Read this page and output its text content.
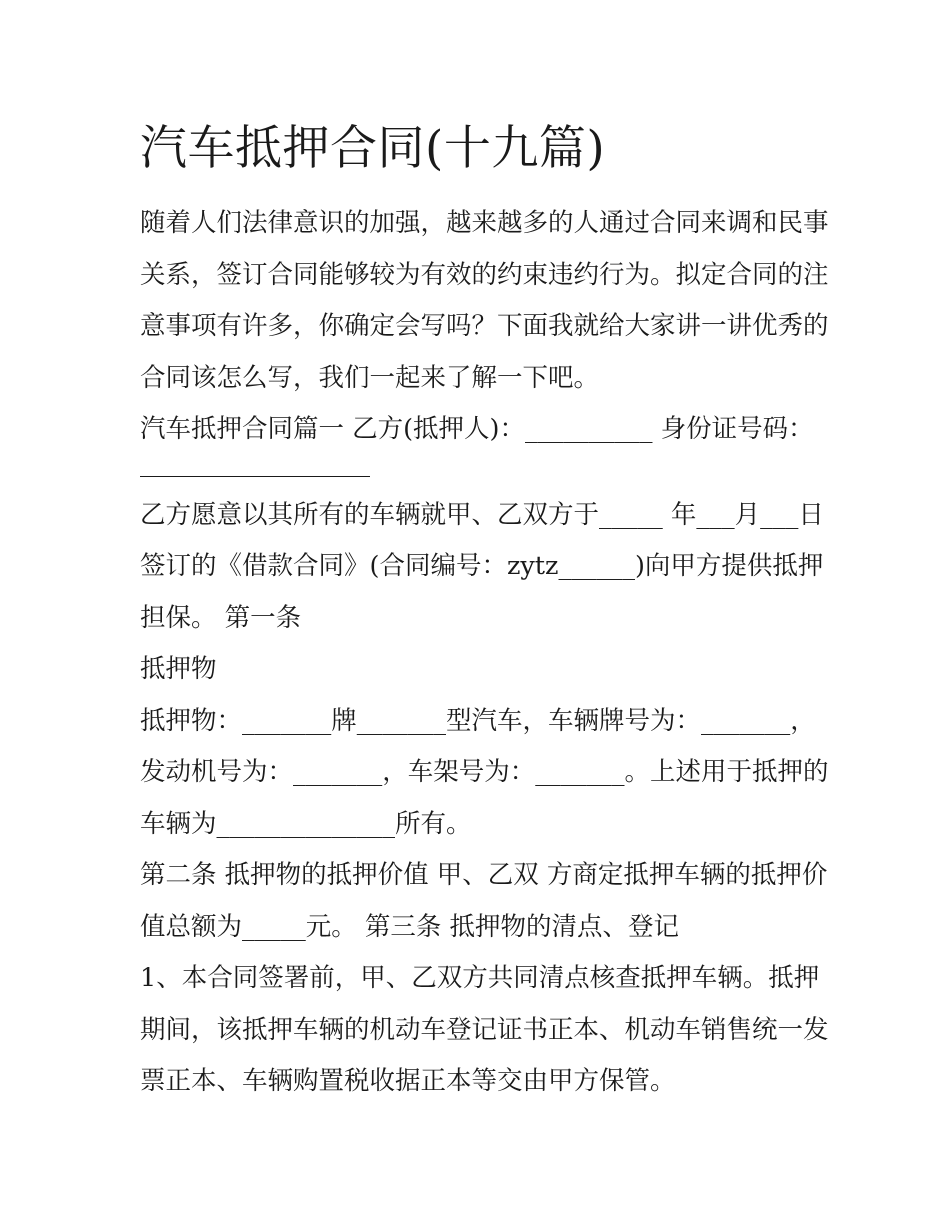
汽车抵押合同(十九篇)
随着人们法律意识的加强，越来越多的人通过合同来调和民事
关系，签订合同能够较为有效的约束违约行为。拟定合同的注
意事项有许多，你确定会写吗？下面我就给大家讲一讲优秀的
合同该怎么写，我们一起来了解一下吧。
汽车抵押合同篇一 乙方(抵押人)：__________ 身份证号码：
乙方愿意以其所有的车辆就甲、乙双方于_____ 年___月___日
签订的《借款合同》(合同编号：zytz______)向甲方提供抵押
担保。 第一条
抵押物
抵押物：_______牌_______型汽车，车辆牌号为：_______，
发动机号为：_______，车架号为：_______。上述用于抵押的
车辆为______________所有。
第二条 抵押物的抵押价值 甲、乙双 方商定抵押车辆的抵押价
值总额为_____元。 第三条 抵押物的清点、登记
1、本合同签署前，甲、乙双方共同清点核查抵押车辆。抵押
期间，该抵押车辆的机动车登记证书正本、机动车销售统一发
票正本、车辆购置税收据正本等交由甲方保管。
